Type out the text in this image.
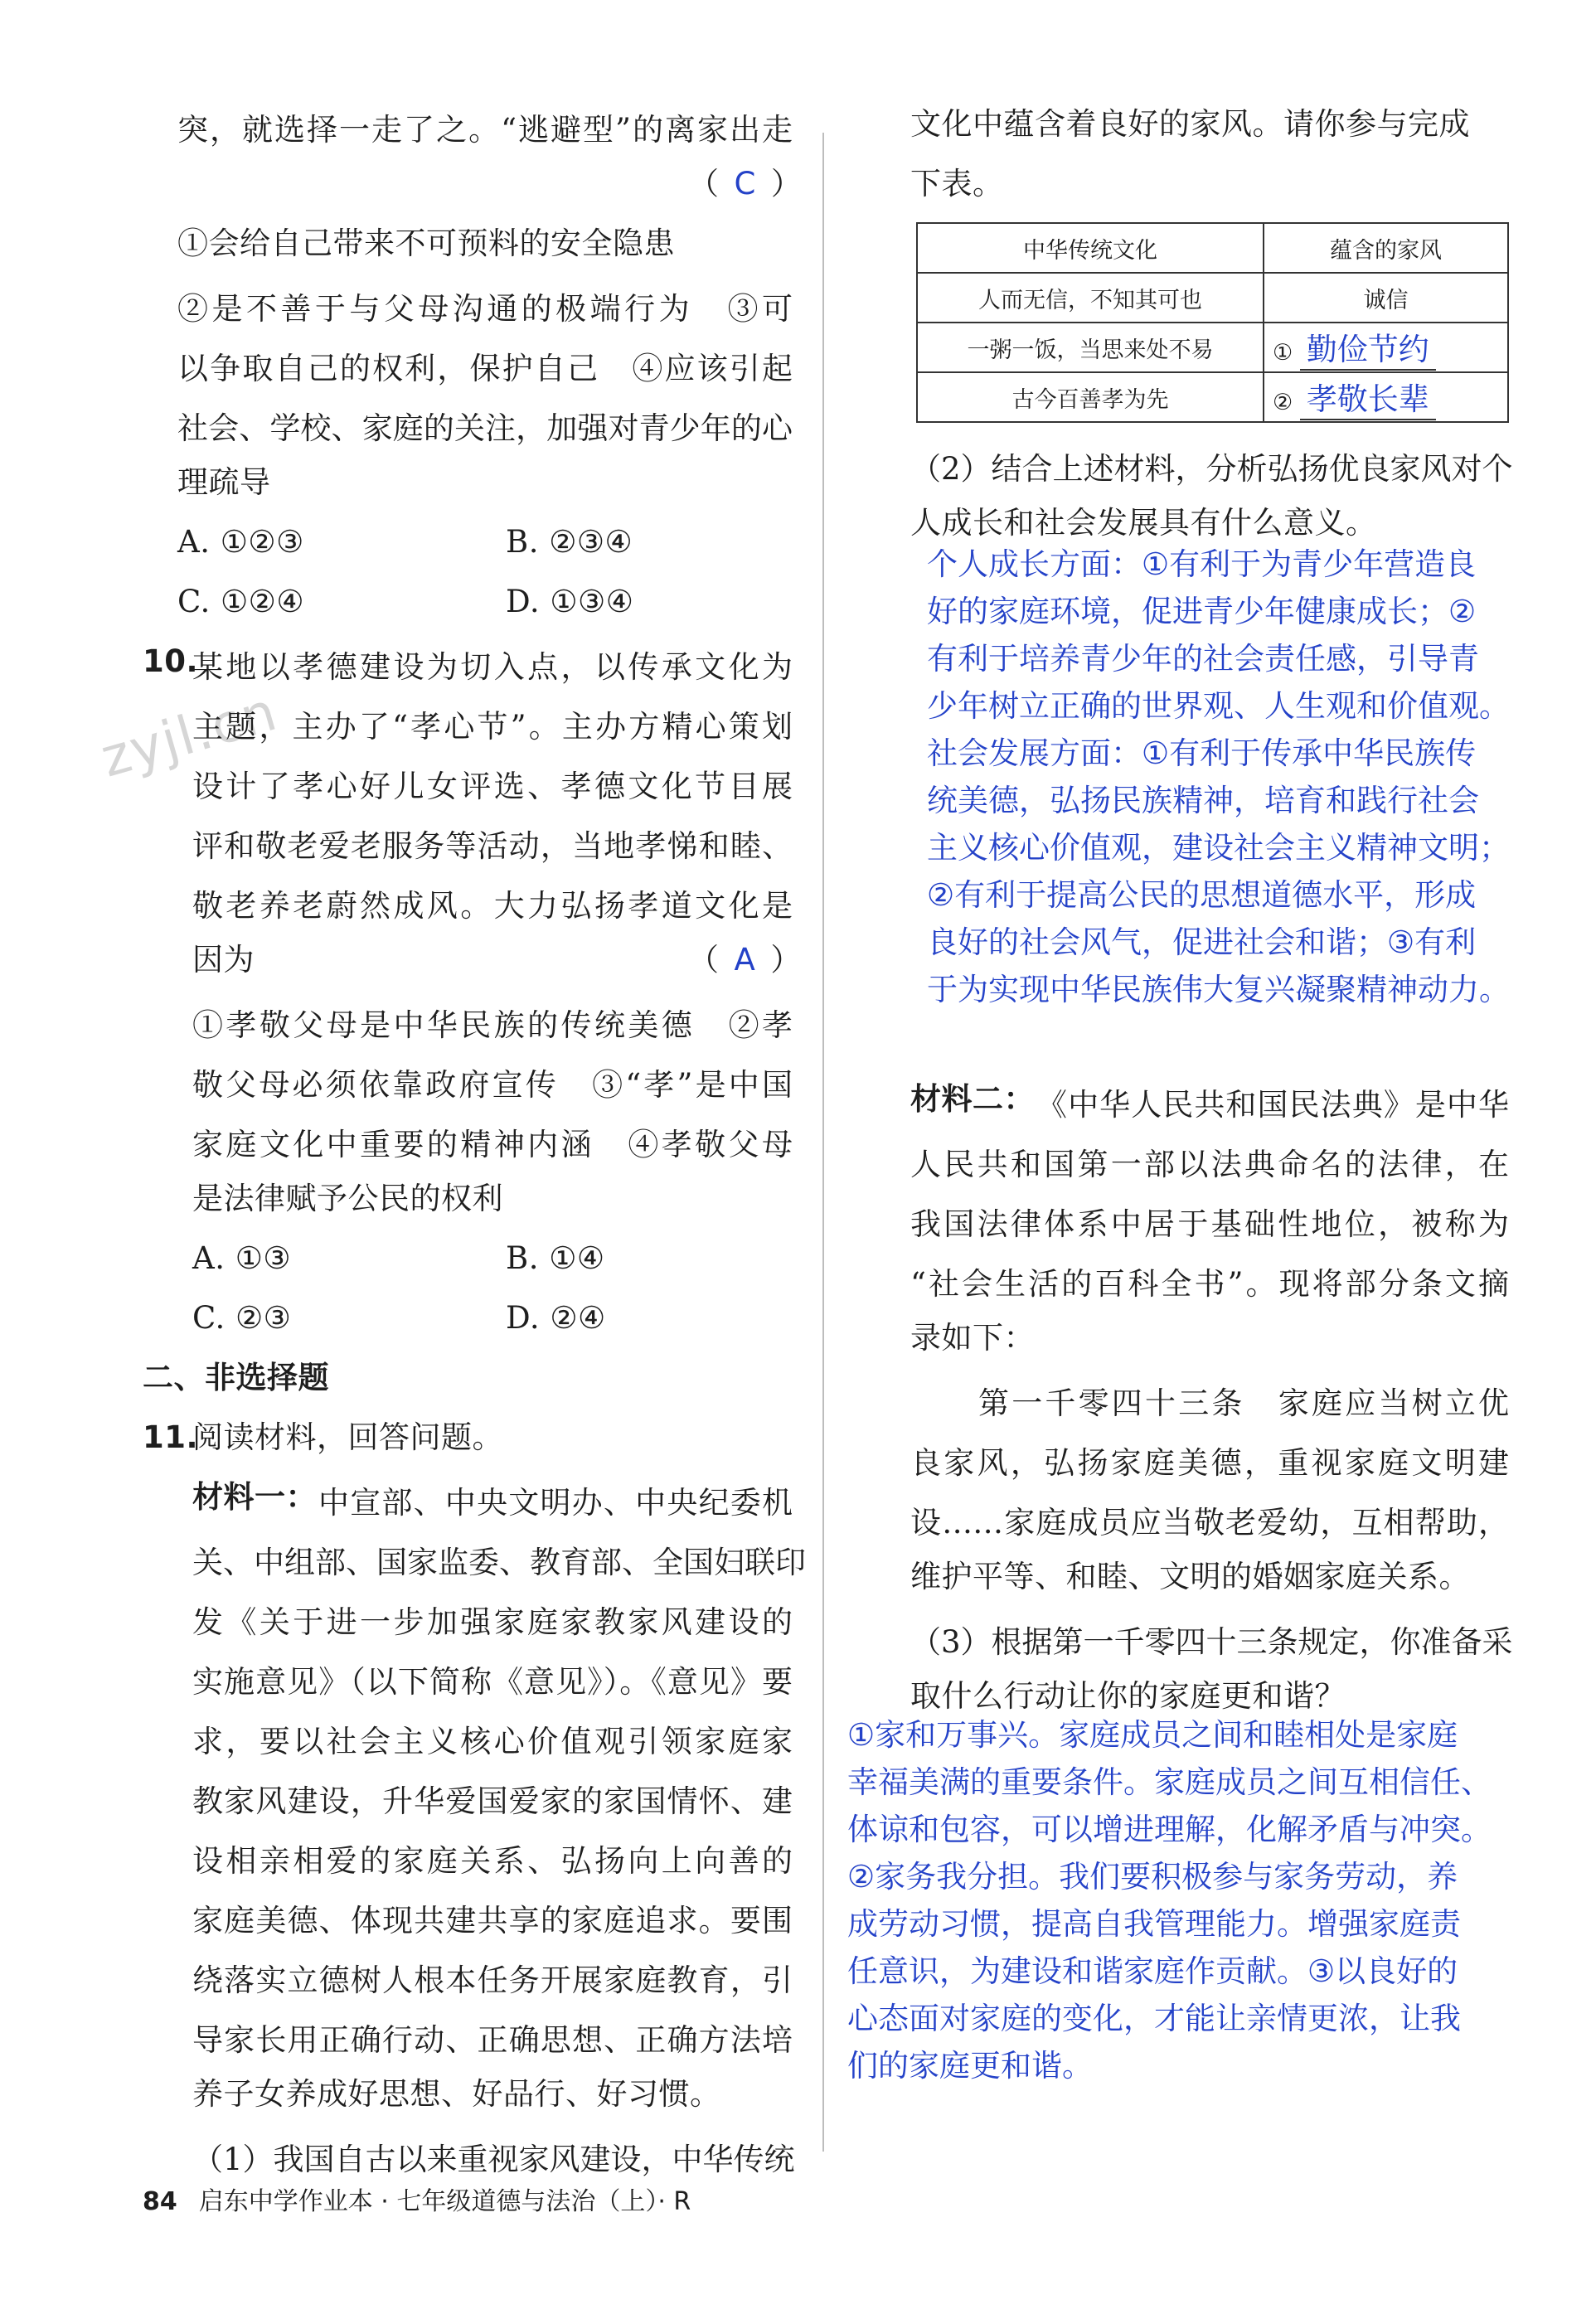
zyjl.cn
突，就选择一走了之。“逃避型”的离家出走
（ C ）
①会给自己带来不可预料的安全隐患
②是不善于与父母沟通的极端行为　③可
以争取自己的权利，保护自己　④应该引起
社会、学校、家庭的关注，加强对青少年的心
理疏导
A. ①②③	B. ②③④
C. ①②④	D. ①③④
10.
某地以孝德建设为切入点，以传承文化为
主题，主办了“孝心节”。主办方精心策划
设计了孝心好儿女评选、孝德文化节目展
评和敬老爱老服务等活动，当地孝悌和睦、
敬老养老蔚然成风。大力弘扬孝道文化是
因为	（ A ）
①孝敬父母是中华民族的传统美德　②孝
敬父母必须依靠政府宣传　③“孝”是中国
家庭文化中重要的精神内涵　④孝敬父母
是法律赋予公民的权利
A. ①③	B. ①④
C. ②③	D. ②④
二、非选择题
11.
阅读材料，回答问题。
材料一： 中宣部、中央文明办、中央纪委机
关、中组部、国家监委、教育部、全国妇联印
发《关于进一步加强家庭家教家风建设的
实施意见》（以下简称《意见》）。《意见》要
求，要以社会主义核心价值观引领家庭家
教家风建设，升华爱国爱家的家国情怀、建
设相亲相爱的家庭关系、弘扬向上向善的
家庭美德、体现共建共享的家庭追求。要围
绕落实立德树人根本任务开展家庭教育，引
导家长用正确行动、正确思想、正确方法培
养子女养成好思想、好品行、好习惯。
（1）我国自古以来重视家风建设，中华传统
文化中蕴含着良好的家风。请你参与完成
下表。
中华传统文化	蕴含的家风
人而无信，不知其可也	诚信
一粥一饭，当思来处不易	① 勤俭节约
古今百善孝为先	② 孝敬长辈
（2）结合上述材料，分析弘扬优良家风对个
人成长和社会发展具有什么意义。
个人成长方面：①有利于为青少年营造良
好的家庭环境，促进青少年健康成长；②
有利于培养青少年的社会责任感，引导青
少年树立正确的世界观、人生观和价值观。
社会发展方面：①有利于传承中华民族传
统美德，弘扬民族精神，培育和践行社会
主义核心价值观，建设社会主义精神文明；
②有利于提高公民的思想道德水平，形成
良好的社会风气，促进社会和谐；③有利
于为实现中华民族伟大复兴凝聚精神动力。
材料二： 《中华人民共和国民法典》是中华
人民共和国第一部以法典命名的法律，在
我国法律体系中居于基础性地位，被称为
“社会生活的百科全书”。现将部分条文摘
录如下：
第一千零四十三条　家庭应当树立优
良家风，弘扬家庭美德，重视家庭文明建
设……家庭成员应当敬老爱幼，互相帮助，
维护平等、和睦、文明的婚姻家庭关系。
（3）根据第一千零四十三条规定，你准备采
取什么行动让你的家庭更和谐？
①家和万事兴。家庭成员之间和睦相处是家庭
幸福美满的重要条件。家庭成员之间互相信任、
体谅和包容，可以增进理解，化解矛盾与冲突。
②家务我分担。我们要积极参与家务劳动，养
成劳动习惯，提高自我管理能力。增强家庭责
任意识，为建设和谐家庭作贡献。③以良好的
心态面对家庭的变化，才能让亲情更浓，让我
们的家庭更和谐。
84 启东中学作业本 · 七年级道德与法治（上）· R
